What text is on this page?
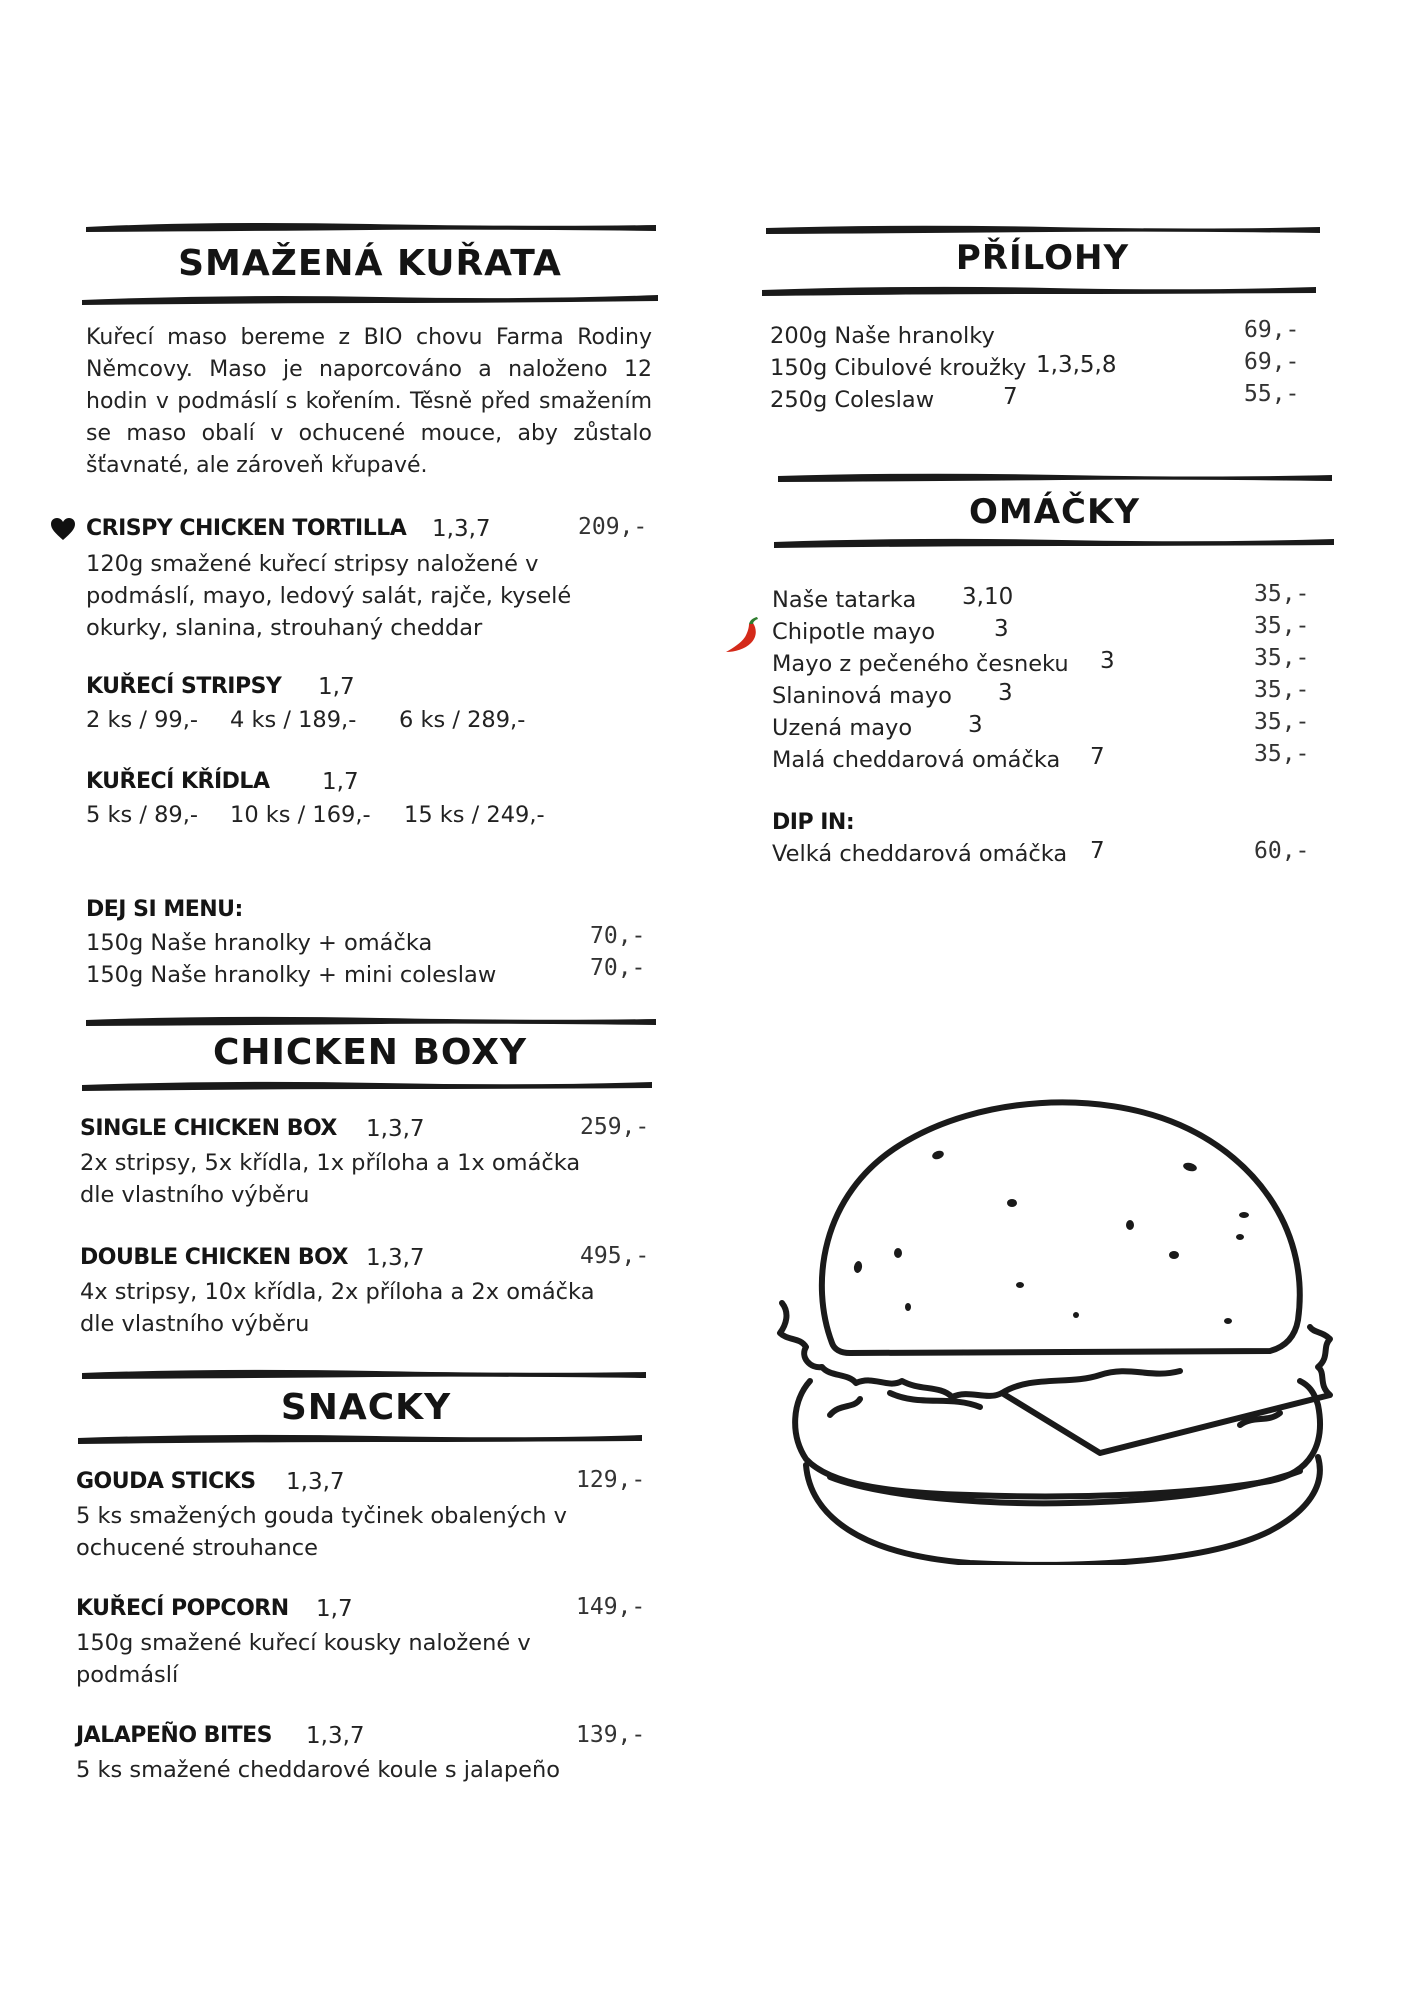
SMAŽENÁ KUŘATA
Kuřecí maso bereme z BIO chovu Farma Rodiny Němcovy. Maso je naporcováno a naloženo 12 hodin v podmáslí s kořením. Těsně před smažením se maso obalí v ochucené mouce, aby zůstalo šťavnaté, ale zároveň křupavé.
CRISPY CHICKEN TORTILLA 1,3,7	209,-
120g smažené kuřecí stripsy naložené v
podmáslí, mayo, ledový salát, rajče, kyselé
okurky, slanina, strouhaný cheddar
KUŘECÍ STRIPSY 1,7
2 ks / 99,- 4 ks / 189,- 6 ks / 289,-
KUŘECÍ KŘÍDLA 1,7
5 ks / 89,- 10 ks / 169,- 15 ks / 249,-
DEJ SI MENU:
150g Naše hranolky + omáčka	70,-
150g Naše hranolky + mini coleslaw	70,-
CHICKEN BOXY
SINGLE CHICKEN BOX 1,3,7	259,-
2x stripsy, 5x křídla, 1x příloha a 1x omáčka
dle vlastního výběru
DOUBLE CHICKEN BOX 1,3,7	495,-
4x stripsy, 10x křídla, 2x příloha a 2x omáčka
dle vlastního výběru
SNACKY
GOUDA STICKS 1,3,7	129,-
5 ks smažených gouda tyčinek obalených v
ochucené strouhance
KUŘECÍ POPCORN 1,7	149,-
150g smažené kuřecí kousky naložené v
podmáslí
JALAPEÑO BITES 1,3,7	139,-
5 ks smažené cheddarové koule s jalapeño
PŘÍLOHY
200g Naše hranolky	69,-
150g Cibulové kroužky 1,3,5,8	69,-
250g Coleslaw	7	55,-
OMÁČKY
Naše tatarka 3,10	35,-
Chipotle mayo	3	35,-
Mayo z pečeného česneku 3	35,-
Slaninová mayo 3	35,-
Uzená mayo 3	35,-
Malá cheddarová omáčka 7	35,-
DIP IN:
Velká cheddarová omáčka 7	60,-
